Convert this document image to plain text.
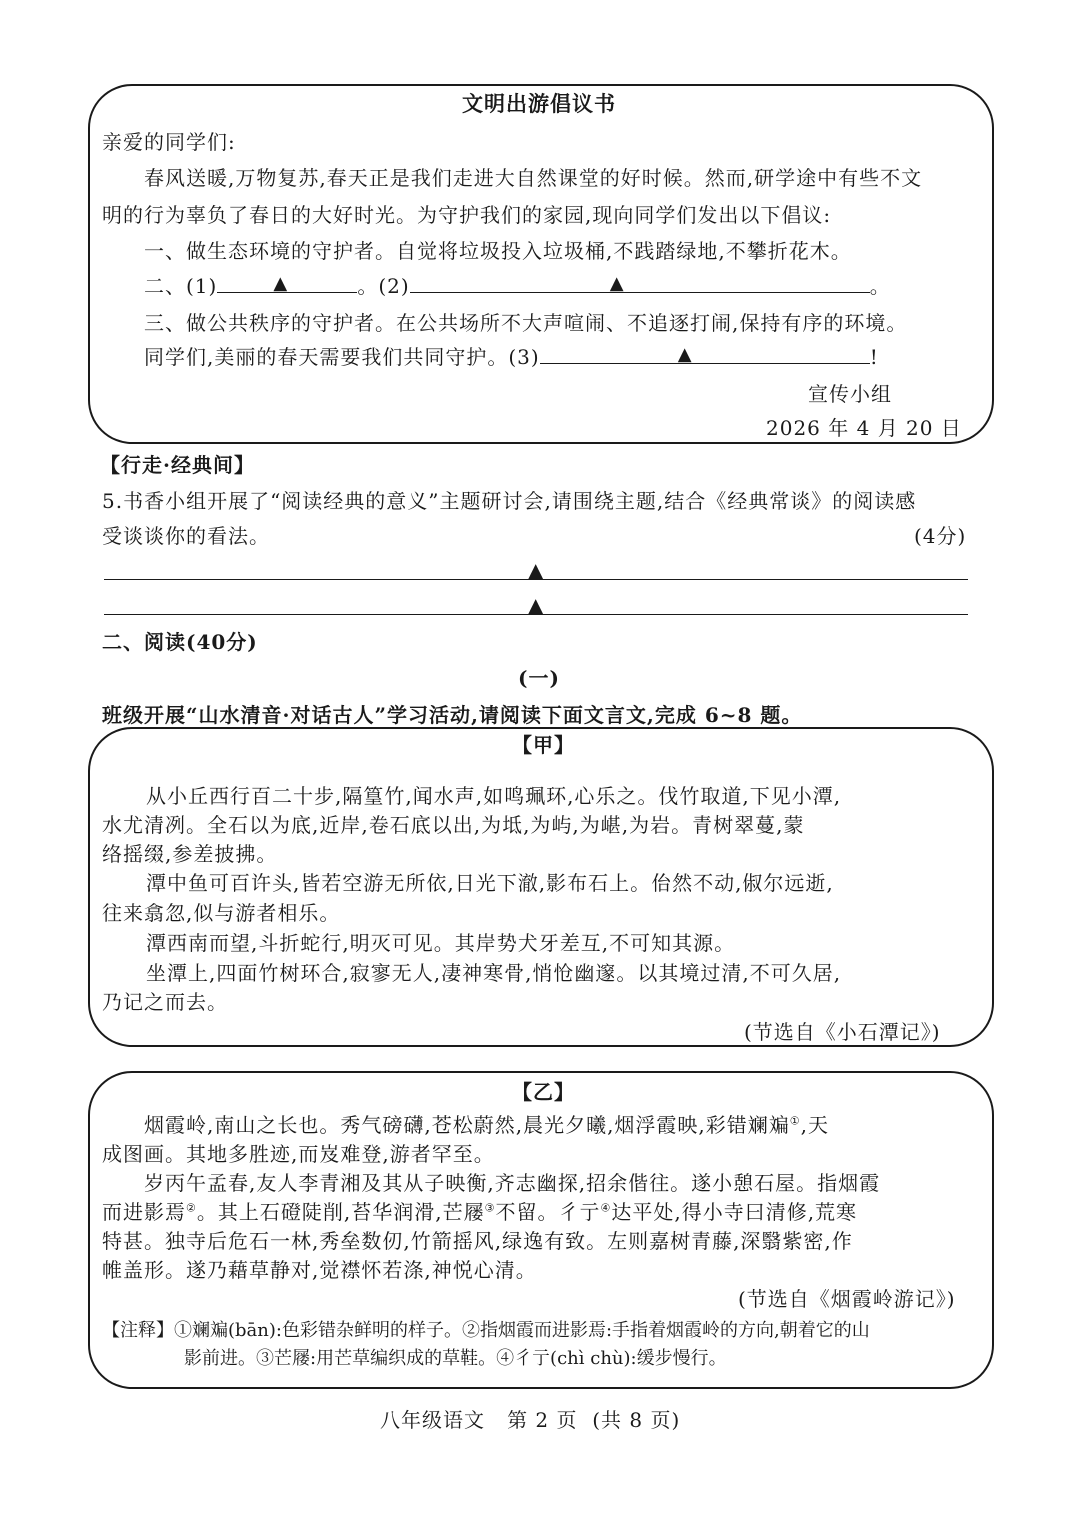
文明出游倡议书
亲爱的同学们:
春风送暖,万物复苏,春天正是我们走进大自然课堂的好时候。然而,研学途中有些不文
明的行为辜负了春日的大好时光。为守护我们的家园,现向同学们发出以下倡议:
一、做生态环境的守护者。自觉将垃圾投入垃圾桶,不践踏绿地,不攀折花木。
二、(1)	▲	。(2)	▲	。
三、做公共秩序的守护者。在公共场所不大声喧闹、不追逐打闹,保持有序的环境。
同学们,美丽的春天需要我们共同守护。(3)	▲	!
宣传小组
2026 年 4 月 20 日
【行走·经典间】
5.书香小组开展了“阅读经典的意义”主题研讨会,请围绕主题,结合《经典常谈》的阅读感
受谈谈你的看法。	(4分)
▲
▲
二、阅读(40分)
(一)
班级开展“山水清音·对话古人”学习活动,请阅读下面文言文,完成 6~8 题。
【甲】
从小丘西行百二十步,隔篁竹,闻水声,如鸣珮环,心乐之。伐竹取道,下见小潭,
水尤清冽。全石以为底,近岸,卷石底以出,为坻,为屿,为嵁,为岩。青树翠蔓,蒙
络摇缀,参差披拂。
潭中鱼可百许头,皆若空游无所依,日光下澈,影布石上。佁然不动,俶尔远逝,
往来翕忽,似与游者相乐。
潭西南而望,斗折蛇行,明灭可见。其岸势犬牙差互,不可知其源。
坐潭上,四面竹树环合,寂寥无人,凄神寒骨,悄怆幽邃。以其境过清,不可久居,
乃记之而去。
(节选自《小石潭记》)
【乙】
烟霞岭,南山之长也。秀气磅礴,苍松蔚然,晨光夕曦,烟浮霞映,彩错斓斒①,天
成图画。其地多胜迹,而岌难登,游者罕至。
岁丙午孟春,友人李青湘及其从子映衡,齐志幽探,招余偕往。遂小憩石屋。指烟霞
而进影焉②。其上石磴陡削,苔华润滑,芒屦③不留。彳亍④达平处,得小寺曰清修,荒寒
特甚。独寺后危石一林,秀垒数仞,竹箭摇风,绿逸有致。左则嘉树青藤,深翳紫密,作
帷盖形。遂乃藉草静对,觉襟怀若涤,神悦心清。
(节选自《烟霞岭游记》)
【注释】①斓斒(bān):色彩错杂鲜明的样子。②指烟霞而进影焉:手指着烟霞岭的方向,朝着它的山
影前进。③芒屦:用芒草编织成的草鞋。④彳亍(chì chù):缓步慢行。
八年级语文   第 2 页  (共 8 页)
